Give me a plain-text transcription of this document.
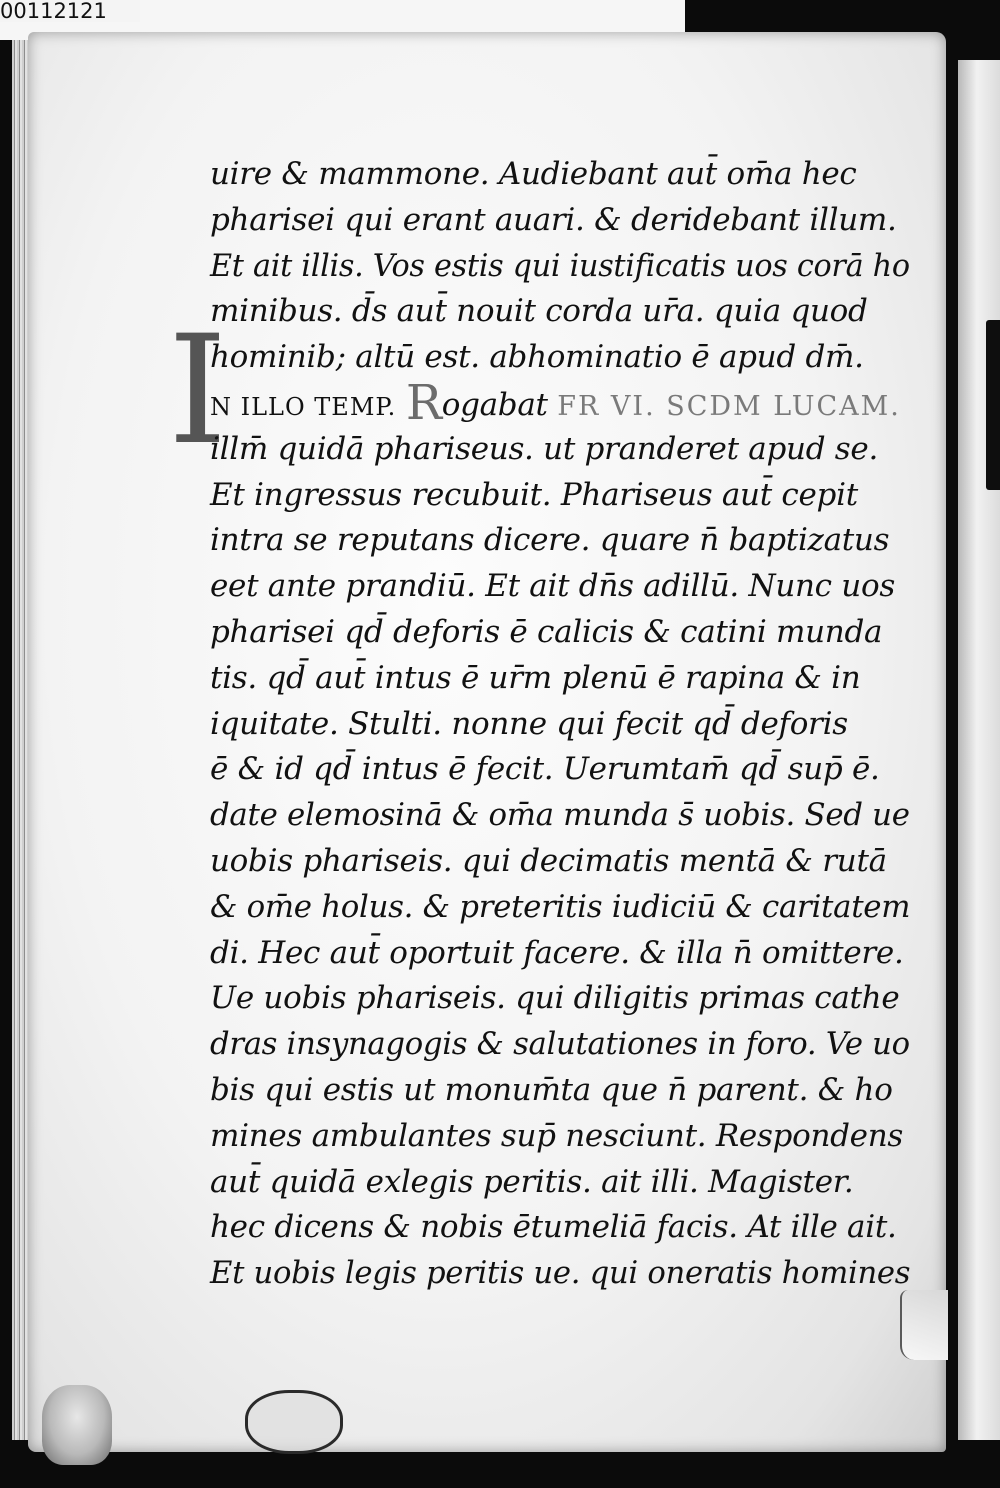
00112121
I
uire & mammone. Audiebant aut̄ om̄a hec
pharisei qui erant auari. & deridebant illum.
Et ait illis. Vos estis qui iustificatis uos corā ho
minibus. d̄s aut̄ nouit corda ur̄a. quia quod
hominib; altū est. abhominatio ē apud dm̄.
N ILLO TEMP. Rogabat FR VI. SCDM LUCAM.
illm̄ quidā phariseus. ut pranderet apud se.
Et ingressus recubuit. Phariseus aut̄ cepit
intra se reputans dicere. quare n̄ baptizatus
eet ante prandiū. Et ait dn̄s adillū. Nunc uos
pharisei qd̄ deforis ē calicis & catini munda
tis. qd̄ aut̄ intus ē ur̄m plenū ē rapina & in
iquitate. Stulti. nonne qui fecit qd̄ deforis
ē & id qd̄ intus ē fecit. Uerumtam̄ qd̄ sup̄ ē.
date elemosinā & om̄a munda s̄ uobis. Sed ue
uobis phariseis. qui decimatis mentā & rutā
& om̄e holus. & preteritis iudiciū & caritatem
di. Hec aut̄ oportuit facere. & illa n̄ omittere.
Ue uobis phariseis. qui diligitis primas cathe
dras insynagogis & salutationes in foro. Ve uo
bis qui estis ut monum̄ta que n̄ parent. & ho
mines ambulantes sup̄ nesciunt. Respondens
aut̄ quidā exlegis peritis. ait illi. Magister.
hec dicens & nobis ētumeliā facis. At ille ait.
Et uobis legis peritis ue. qui oneratis homines
